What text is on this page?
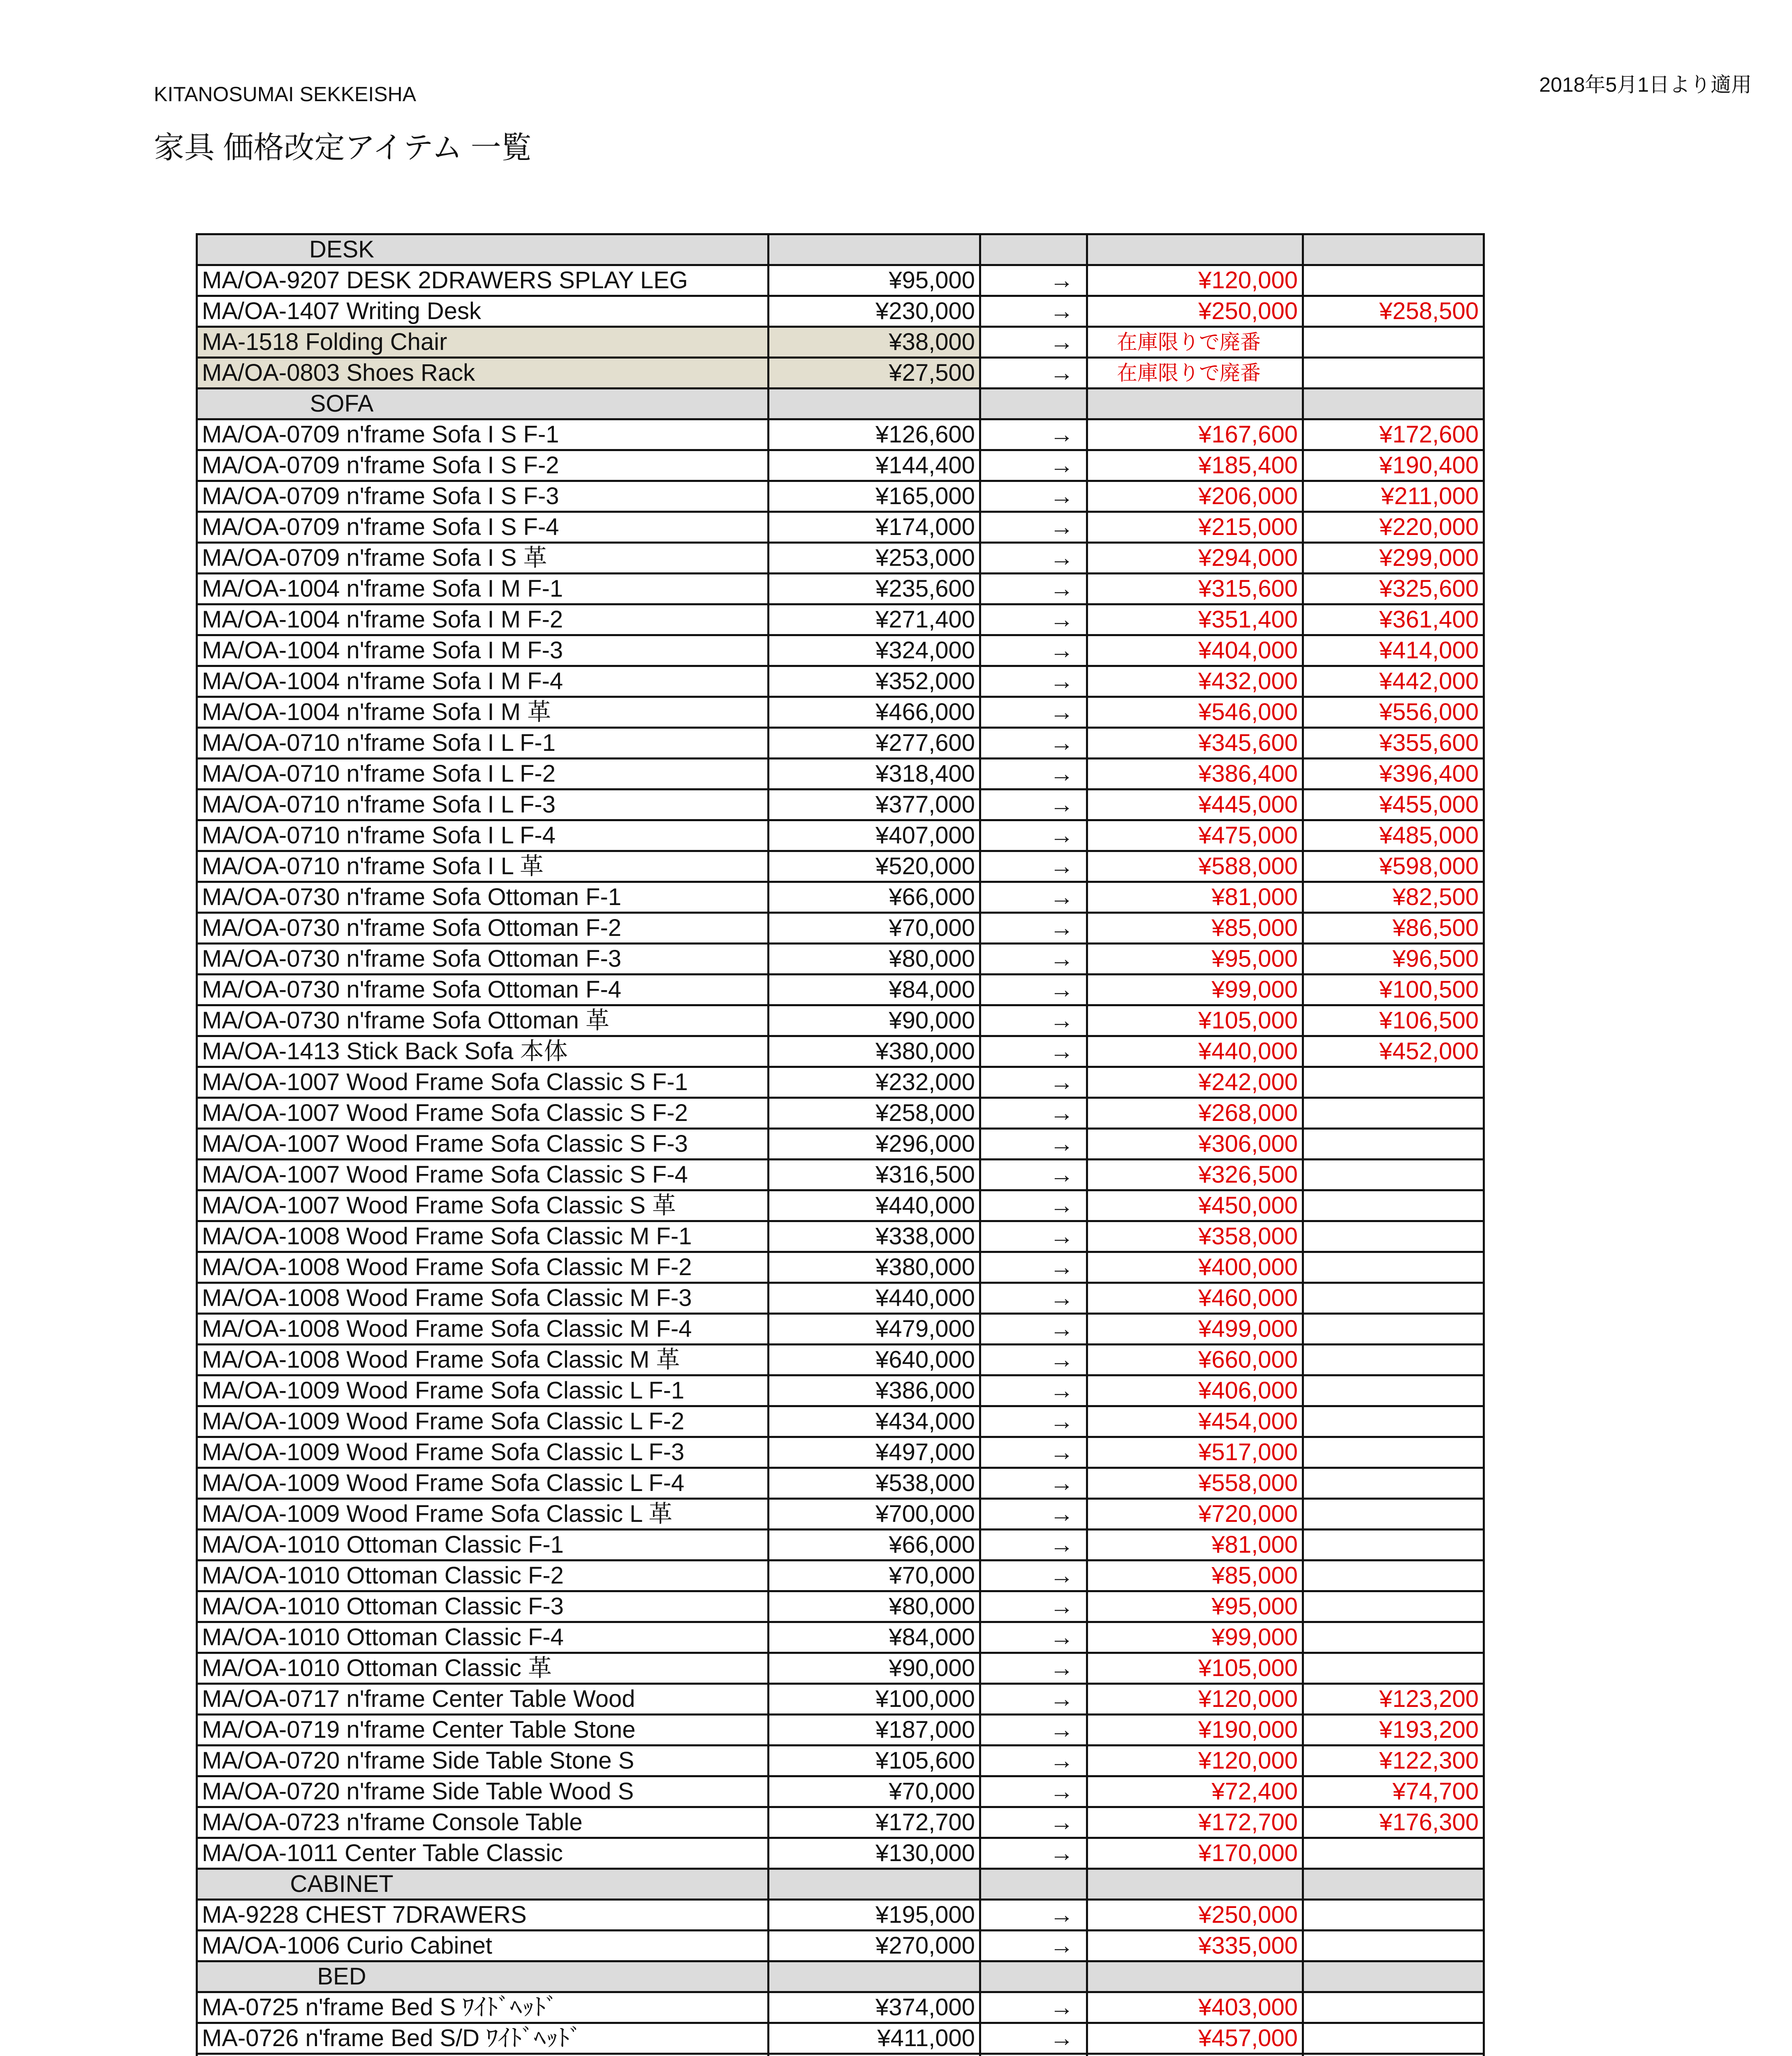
KITANOSUMAI SEKKEISHA	2018年5月1日より適用
家具 価格改定アイテム 一覧
DESK				
MA/OA-9207 DESK 2DRAWERS SPLAY LEG	¥95,000	→	¥120,000	
MA/OA-1407 Writing Desk	¥230,000	→	¥250,000	¥258,500
MA-1518 Folding Chair	¥38,000	→	在庫限りで廃番	
MA/OA-0803 Shoes Rack	¥27,500	→	在庫限りで廃番	
SOFA				
MA/OA-0709 n'frame Sofa I S F-1	¥126,600	→	¥167,600	¥172,600
MA/OA-0709 n'frame Sofa I S F-2	¥144,400	→	¥185,400	¥190,400
MA/OA-0709 n'frame Sofa I S F-3	¥165,000	→	¥206,000	¥211,000
MA/OA-0709 n'frame Sofa I S F-4	¥174,000	→	¥215,000	¥220,000
MA/OA-0709 n'frame Sofa I S 革	¥253,000	→	¥294,000	¥299,000
MA/OA-1004 n'frame Sofa I M F-1	¥235,600	→	¥315,600	¥325,600
MA/OA-1004 n'frame Sofa I M F-2	¥271,400	→	¥351,400	¥361,400
MA/OA-1004 n'frame Sofa I M F-3	¥324,000	→	¥404,000	¥414,000
MA/OA-1004 n'frame Sofa I M F-4	¥352,000	→	¥432,000	¥442,000
MA/OA-1004 n'frame Sofa I M 革	¥466,000	→	¥546,000	¥556,000
MA/OA-0710 n'frame Sofa I L F-1	¥277,600	→	¥345,600	¥355,600
MA/OA-0710 n'frame Sofa I L F-2	¥318,400	→	¥386,400	¥396,400
MA/OA-0710 n'frame Sofa I L F-3	¥377,000	→	¥445,000	¥455,000
MA/OA-0710 n'frame Sofa I L F-4	¥407,000	→	¥475,000	¥485,000
MA/OA-0710 n'frame Sofa I L 革	¥520,000	→	¥588,000	¥598,000
MA/OA-0730 n'frame Sofa Ottoman F-1	¥66,000	→	¥81,000	¥82,500
MA/OA-0730 n'frame Sofa Ottoman F-2	¥70,000	→	¥85,000	¥86,500
MA/OA-0730 n'frame Sofa Ottoman F-3	¥80,000	→	¥95,000	¥96,500
MA/OA-0730 n'frame Sofa Ottoman F-4	¥84,000	→	¥99,000	¥100,500
MA/OA-0730 n'frame Sofa Ottoman 革	¥90,000	→	¥105,000	¥106,500
MA/OA-1413 Stick Back Sofa 本体	¥380,000	→	¥440,000	¥452,000
MA/OA-1007 Wood Frame Sofa Classic S F-1	¥232,000	→	¥242,000	
MA/OA-1007 Wood Frame Sofa Classic S F-2	¥258,000	→	¥268,000	
MA/OA-1007 Wood Frame Sofa Classic S F-3	¥296,000	→	¥306,000	
MA/OA-1007 Wood Frame Sofa Classic S F-4	¥316,500	→	¥326,500	
MA/OA-1007 Wood Frame Sofa Classic S 革	¥440,000	→	¥450,000	
MA/OA-1008 Wood Frame Sofa Classic M F-1	¥338,000	→	¥358,000	
MA/OA-1008 Wood Frame Sofa Classic M F-2	¥380,000	→	¥400,000	
MA/OA-1008 Wood Frame Sofa Classic M F-3	¥440,000	→	¥460,000	
MA/OA-1008 Wood Frame Sofa Classic M F-4	¥479,000	→	¥499,000	
MA/OA-1008 Wood Frame Sofa Classic M 革	¥640,000	→	¥660,000	
MA/OA-1009 Wood Frame Sofa Classic L F-1	¥386,000	→	¥406,000	
MA/OA-1009 Wood Frame Sofa Classic L F-2	¥434,000	→	¥454,000	
MA/OA-1009 Wood Frame Sofa Classic L F-3	¥497,000	→	¥517,000	
MA/OA-1009 Wood Frame Sofa Classic L F-4	¥538,000	→	¥558,000	
MA/OA-1009 Wood Frame Sofa Classic L 革	¥700,000	→	¥720,000	
MA/OA-1010 Ottoman Classic F-1	¥66,000	→	¥81,000	
MA/OA-1010 Ottoman Classic F-2	¥70,000	→	¥85,000	
MA/OA-1010 Ottoman Classic F-3	¥80,000	→	¥95,000	
MA/OA-1010 Ottoman Classic F-4	¥84,000	→	¥99,000	
MA/OA-1010 Ottoman Classic 革	¥90,000	→	¥105,000	
MA/OA-0717 n'frame Center Table Wood	¥100,000	→	¥120,000	¥123,200
MA/OA-0719 n'frame Center Table Stone	¥187,000	→	¥190,000	¥193,200
MA/OA-0720 n'frame Side Table Stone S	¥105,600	→	¥120,000	¥122,300
MA/OA-0720 n'frame Side Table Wood S	¥70,000	→	¥72,400	¥74,700
MA/OA-0723 n'frame Console Table	¥172,700	→	¥172,700	¥176,300
MA/OA-1011 Center Table Classic	¥130,000	→	¥170,000	
CABINET				
MA-9228 CHEST 7DRAWERS	¥195,000	→	¥250,000	
MA/OA-1006 Curio Cabinet	¥270,000	→	¥335,000	
BED				
MA-0725 n'frame Bed S ﾜｲﾄﾞﾍｯﾄﾞ	¥374,000	→	¥403,000	
MA-0726 n'frame Bed S/D ﾜｲﾄﾞﾍｯﾄﾞ	¥411,000	→	¥457,000	
